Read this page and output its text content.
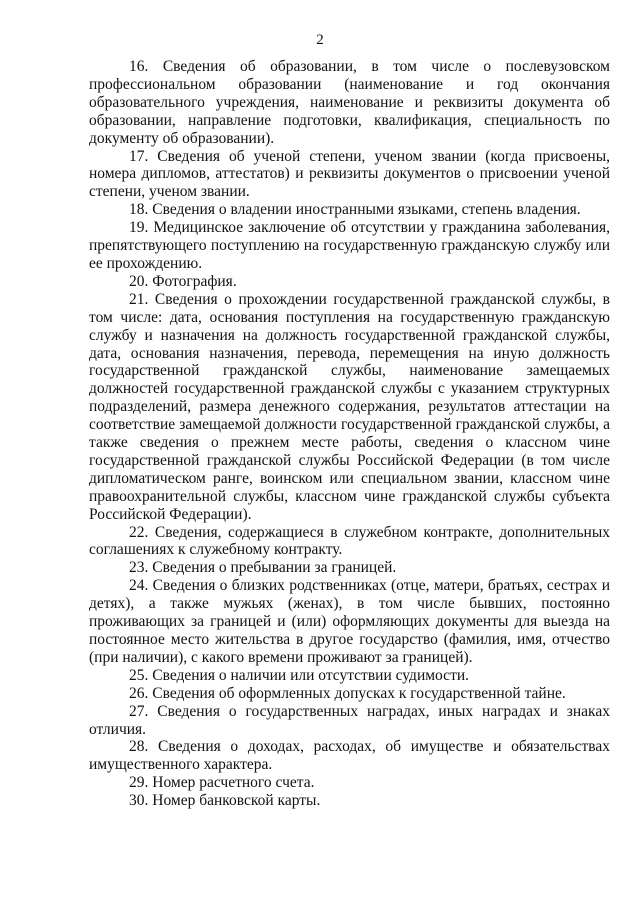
2

16. Сведения об образовании, в том числе о послевузовском профессиональном образовании (наименование и год окончания образовательного учреждения, наименование и реквизиты документа об образовании, направление подготовки, квалификация, специальность по документу об образовании).

17. Сведения об ученой степени, ученом звании (когда присвоены, номера дипломов, аттестатов) и реквизиты документов о присвоении ученой степени, ученом звании.

18. Сведения о владении иностранными языками, степень владения.

19. Медицинское заключение об отсутствии у гражданина заболевания, препятствующего поступлению на государственную гражданскую службу или ее прохождению.

20. Фотография.

21. Сведения о прохождении государственной гражданской службы, в том числе: дата, основания поступления на государственную гражданскую службу и назначения на должность государственной гражданской службы, дата, основания назначения, перевода, перемещения на иную должность государственной гражданской службы, наименование замещаемых должностей государственной гражданской службы с указанием структурных подразделений, размера денежного содержания, результатов аттестации на соответствие замещаемой должности государственной гражданской службы, а также сведения о прежнем месте работы, сведения о классном чине государственной гражданской службы Российской Федерации (в том числе дипломатическом ранге, воинском или специальном звании, классном чине правоохранительной службы, классном чине гражданской службы субъекта Российской Федерации).

22. Сведения, содержащиеся в служебном контракте, дополнительных соглашениях к служебному контракту.

23. Сведения о пребывании за границей.

24. Сведения о близких родственниках (отце, матери, братьях, сестрах и детях), а также мужьях (женах), в том числе бывших, постоянно проживающих за границей и (или) оформляющих документы для выезда на постоянное место жительства в другое государство (фамилия, имя, отчество (при наличии), с какого времени проживают за границей).

25. Сведения о наличии или отсутствии судимости.

26. Сведения об оформленных допусках к государственной тайне.

27. Сведения о государственных наградах, иных наградах и знаках отличия.

28. Сведения о доходах, расходах, об имуществе и обязательствах имущественного характера.

29. Номер расчетного счета.

30. Номер банковской карты.
